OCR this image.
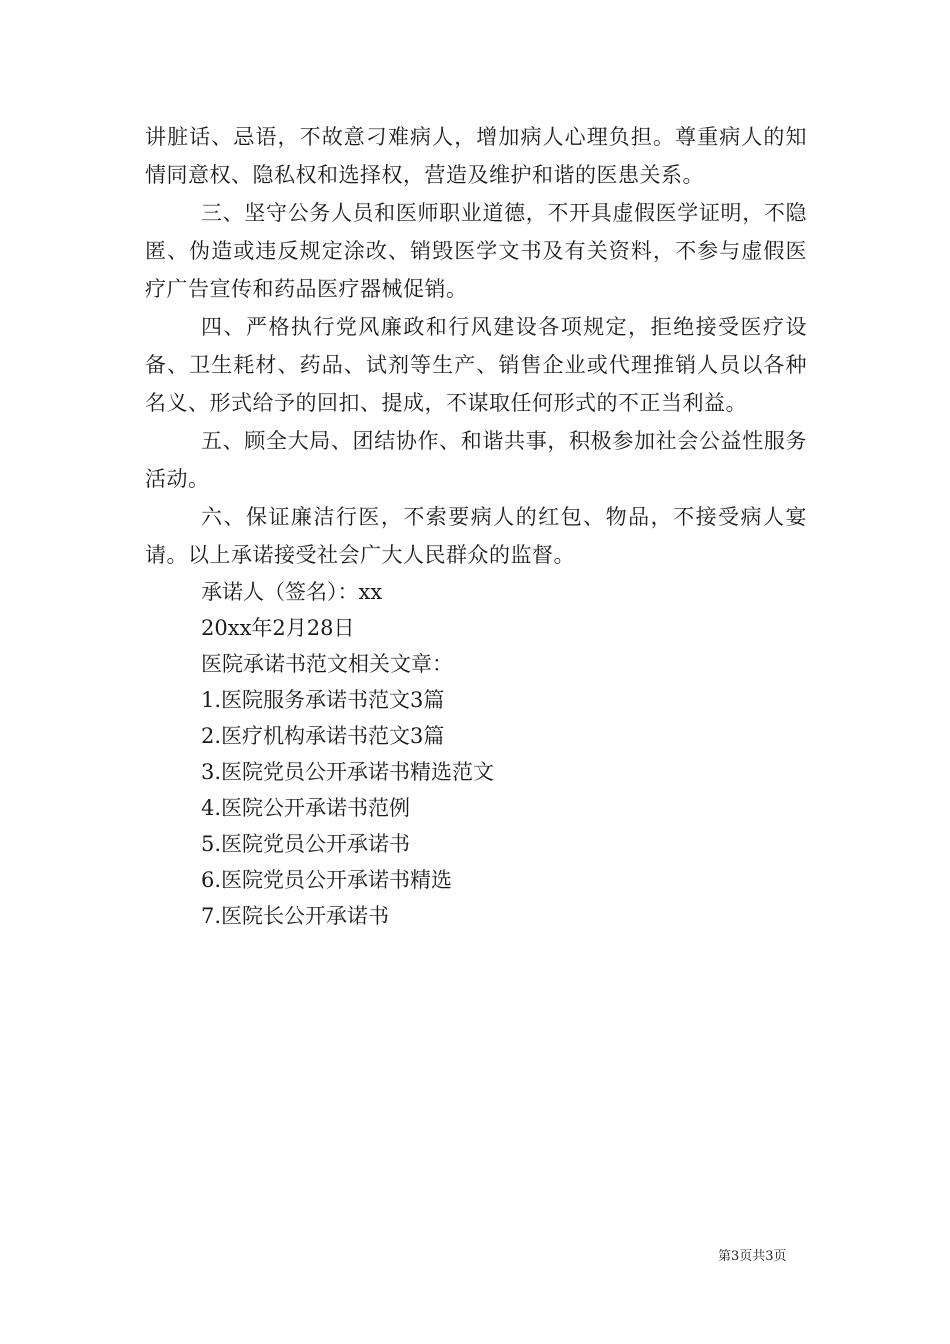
讲脏话、忌语，不故意刁难病人，增加病人心理负担。尊重病人的知情同意权、隐私权和选择权，营造及维护和谐的医患关系。

三、坚守公务人员和医师职业道德，不开具虚假医学证明，不隐匿、伪造或违反规定涂改、销毁医学文书及有关资料，不参与虚假医疗广告宣传和药品医疗器械促销。

四、严格执行党风廉政和行风建设各项规定，拒绝接受医疗设备、卫生耗材、药品、试剂等生产、销售企业或代理推销人员以各种名义、形式给予的回扣、提成，不谋取任何形式的不正当利益。

五、顾全大局、团结协作、和谐共事，积极参加社会公益性服务活动。

六、保证廉洁行医，不索要病人的红包、物品，不接受病人宴请。以上承诺接受社会广大人民群众的监督。

承诺人（签名）：xx

20xx年2月28日

医院承诺书范文相关文章：

1.医院服务承诺书范文3篇
2.医疗机构承诺书范文3篇
3.医院党员公开承诺书精选范文
4.医院公开承诺书范例
5.医院党员公开承诺书
6.医院党员公开承诺书精选
7.医院长公开承诺书
第3页共3页
